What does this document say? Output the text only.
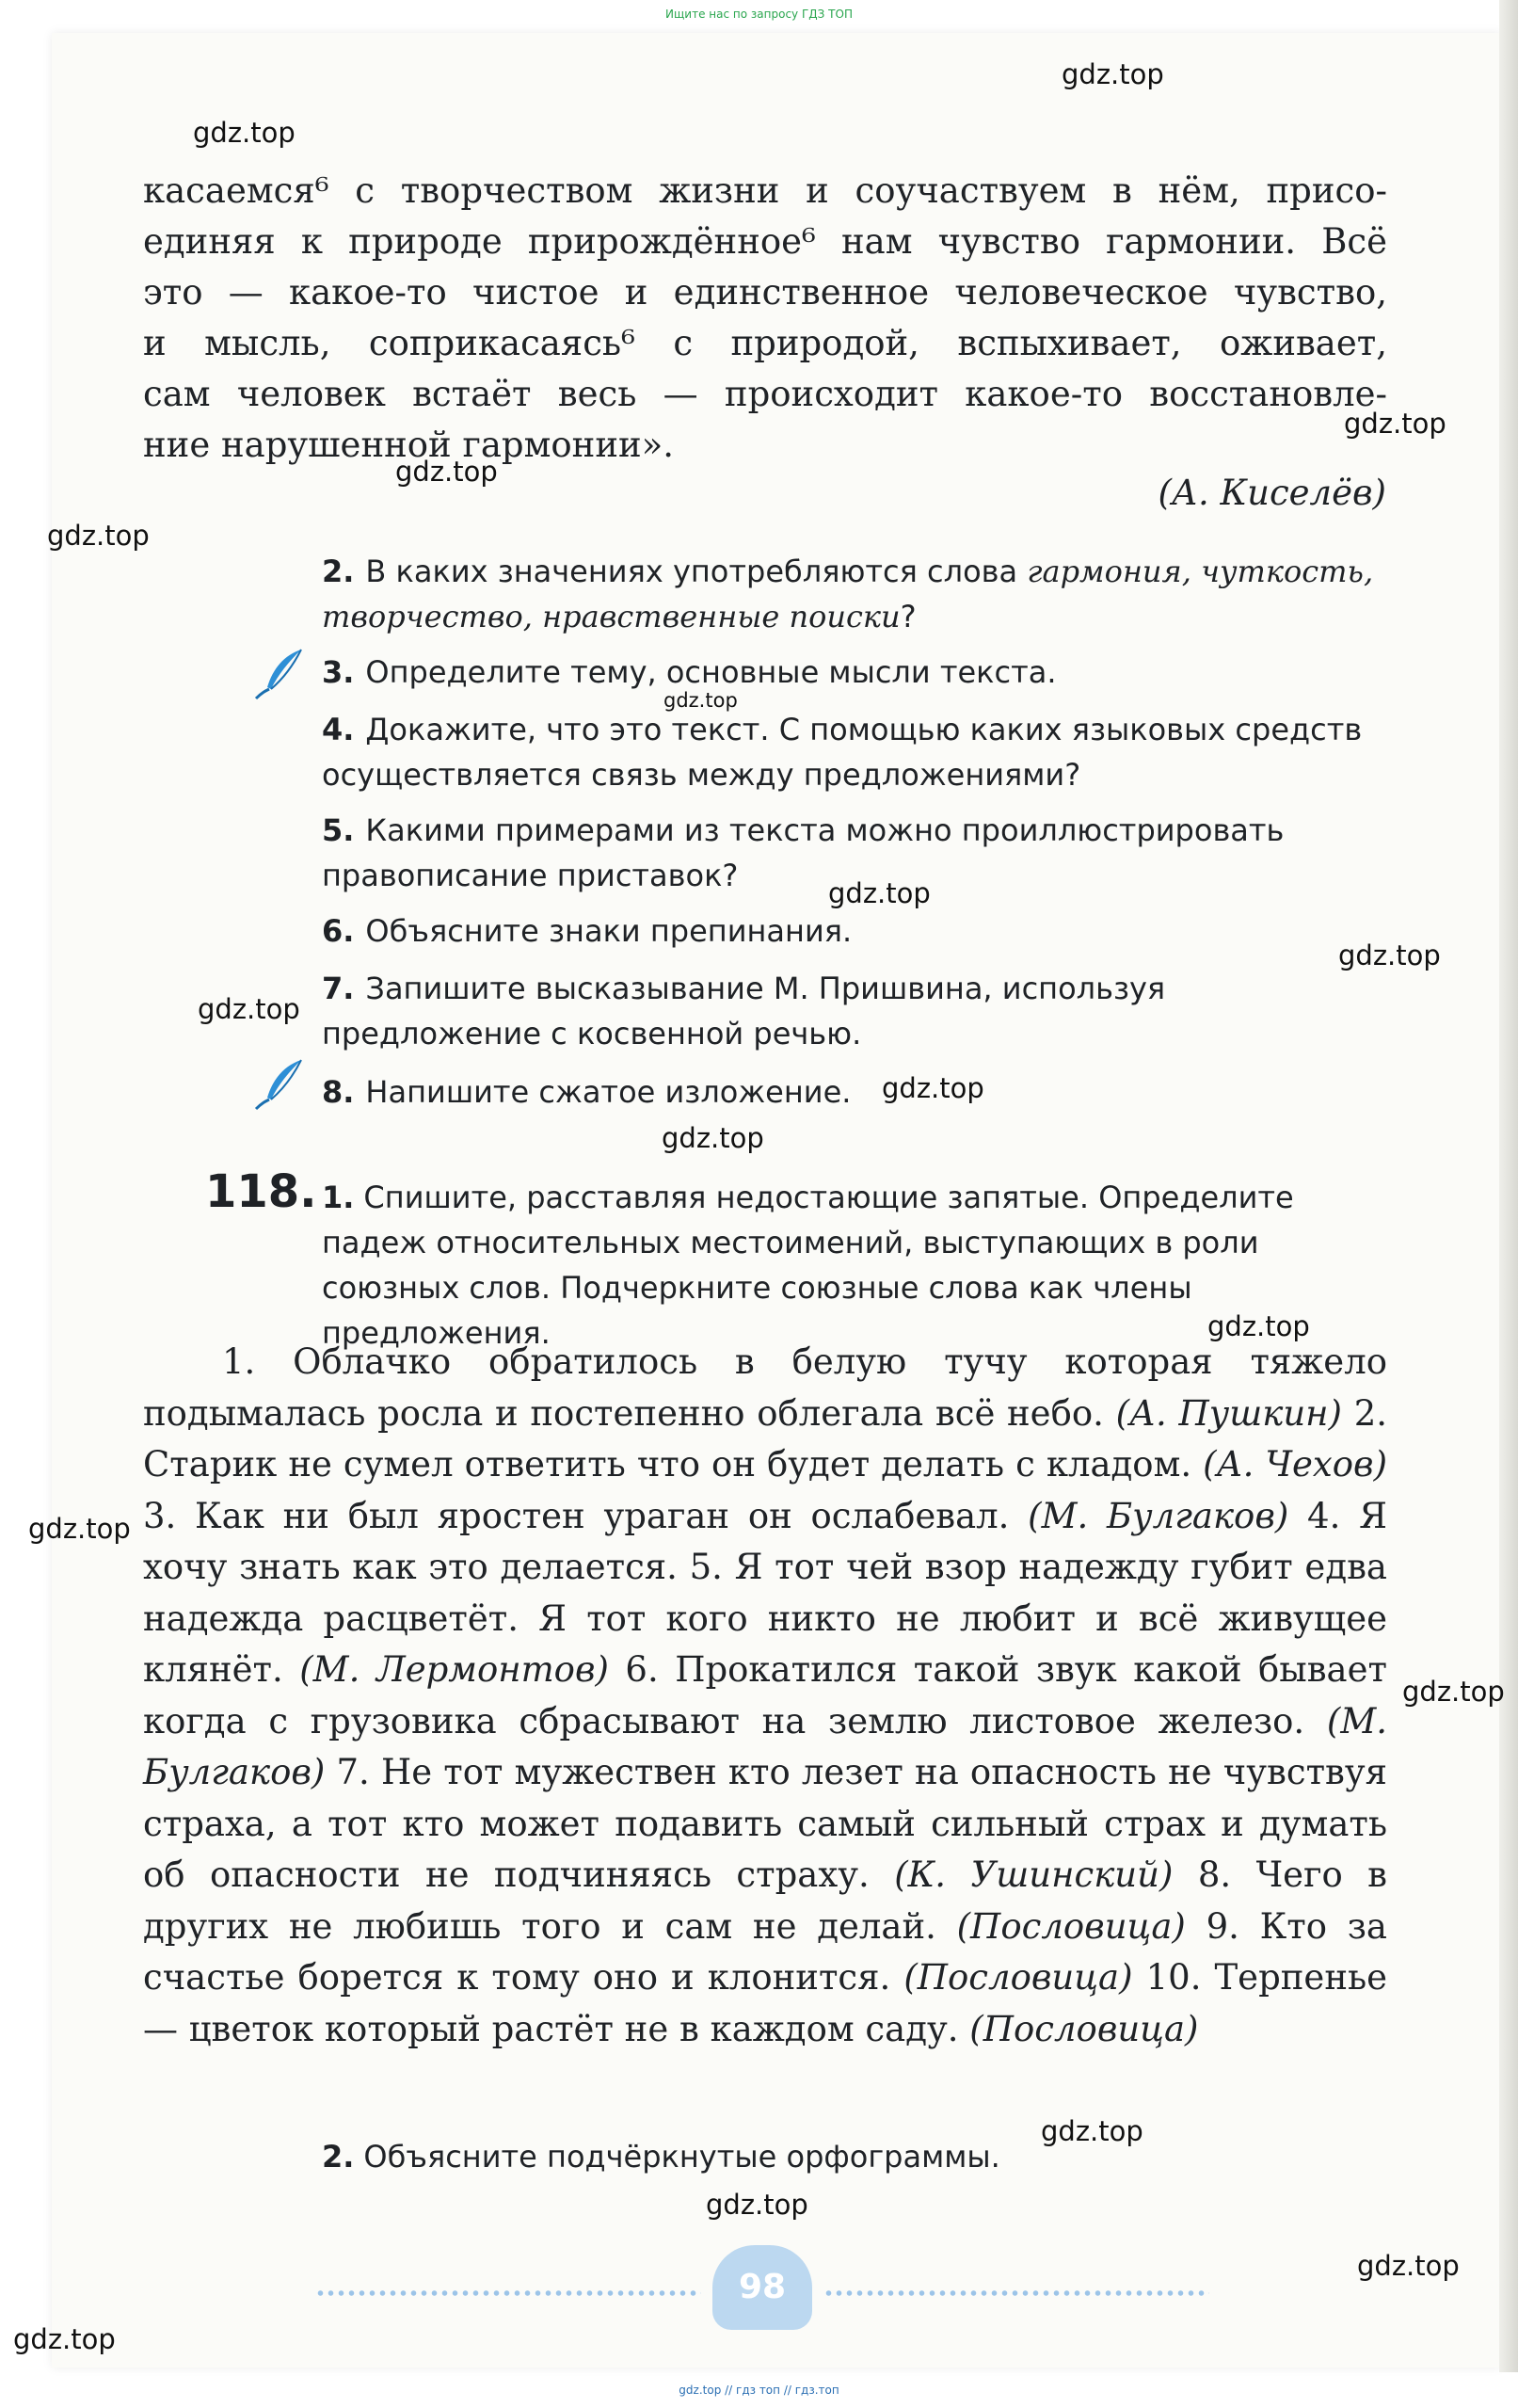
Ищите нас по запросу ГДЗ ТОП
касаемся⁶ с творчеством жизни и соучаствуем в нём, присо-
единяя к природе прирождённое⁶ нам чувство гармонии. Всё
это — какое-то чистое и единственное человеческое чувство,
и мысль, соприкасаясь⁶ с природой, вспыхивает, оживает,
сам человек встаёт весь — происходит какое-то восстановле-
ние нарушенной гармонии».
(А. Киселёв)
2. В каких значениях употребляются слова гармония, чуткость, творчество, нравственные поиски?
3. Определите тему, основные мысли текста.
4. Докажите, что это текст. С помощью каких языковых средств осуществляется связь между предложениями?
5. Какими примерами из текста можно проиллюстрировать правописание приставок?
6. Объясните знаки препинания.
7. Запишите высказывание М. Пришвина, используя предложение с косвенной речью.
8. Напишите сжатое изложение.
118. 1. Спишите, расставляя недостающие запятые. Определите падеж относительных местоимений, выступающих в роли союзных слов. Подчеркните союзные слова как члены предложения.
1. Облачко обратилось в белую тучу которая тяжело подымалась росла и постепенно облегала всё небо. (А. Пушкин) 2. Старик не сумел ответить что он будет делать с кладом. (А. Чехов) 3. Как ни был яростен ураган он ослабевал. (М. Булгаков) 4. Я хочу знать как это делается. 5. Я тот чей взор надежду губит едва надежда расцветёт. Я тот кого никто не любит и всё живущее клянёт. (М. Лермонтов) 6. Прокатился такой звук какой бывает когда с грузовика сбрасывают на землю листовое железо. (М. Булгаков) 7. Не тот мужествен кто лезет на опасность не чувствуя страха, а тот кто может подавить самый сильный страх и думать об опасности не подчиняясь страху. (К. Ушинский) 8. Чего в других не любишь того и сам не делай. (Пословица) 9. Кто за счастье борется к тому оно и клонится. (Пословица) 10. Терпенье — цветок который растёт не в каждом саду. (Пословица)
2. Объясните подчёркнутые орфограммы.
98
gdz.top
gdz.top
gdz.top
gdz.top
gdz.top
gdz.top
gdz.top
gdz.top
gdz.top
gdz.top
gdz.top
gdz.top
gdz.top
gdz.top
gdz.top
gdz.top
gdz.top
gdz.top
gdz.top // гдз топ // гдз.топ
